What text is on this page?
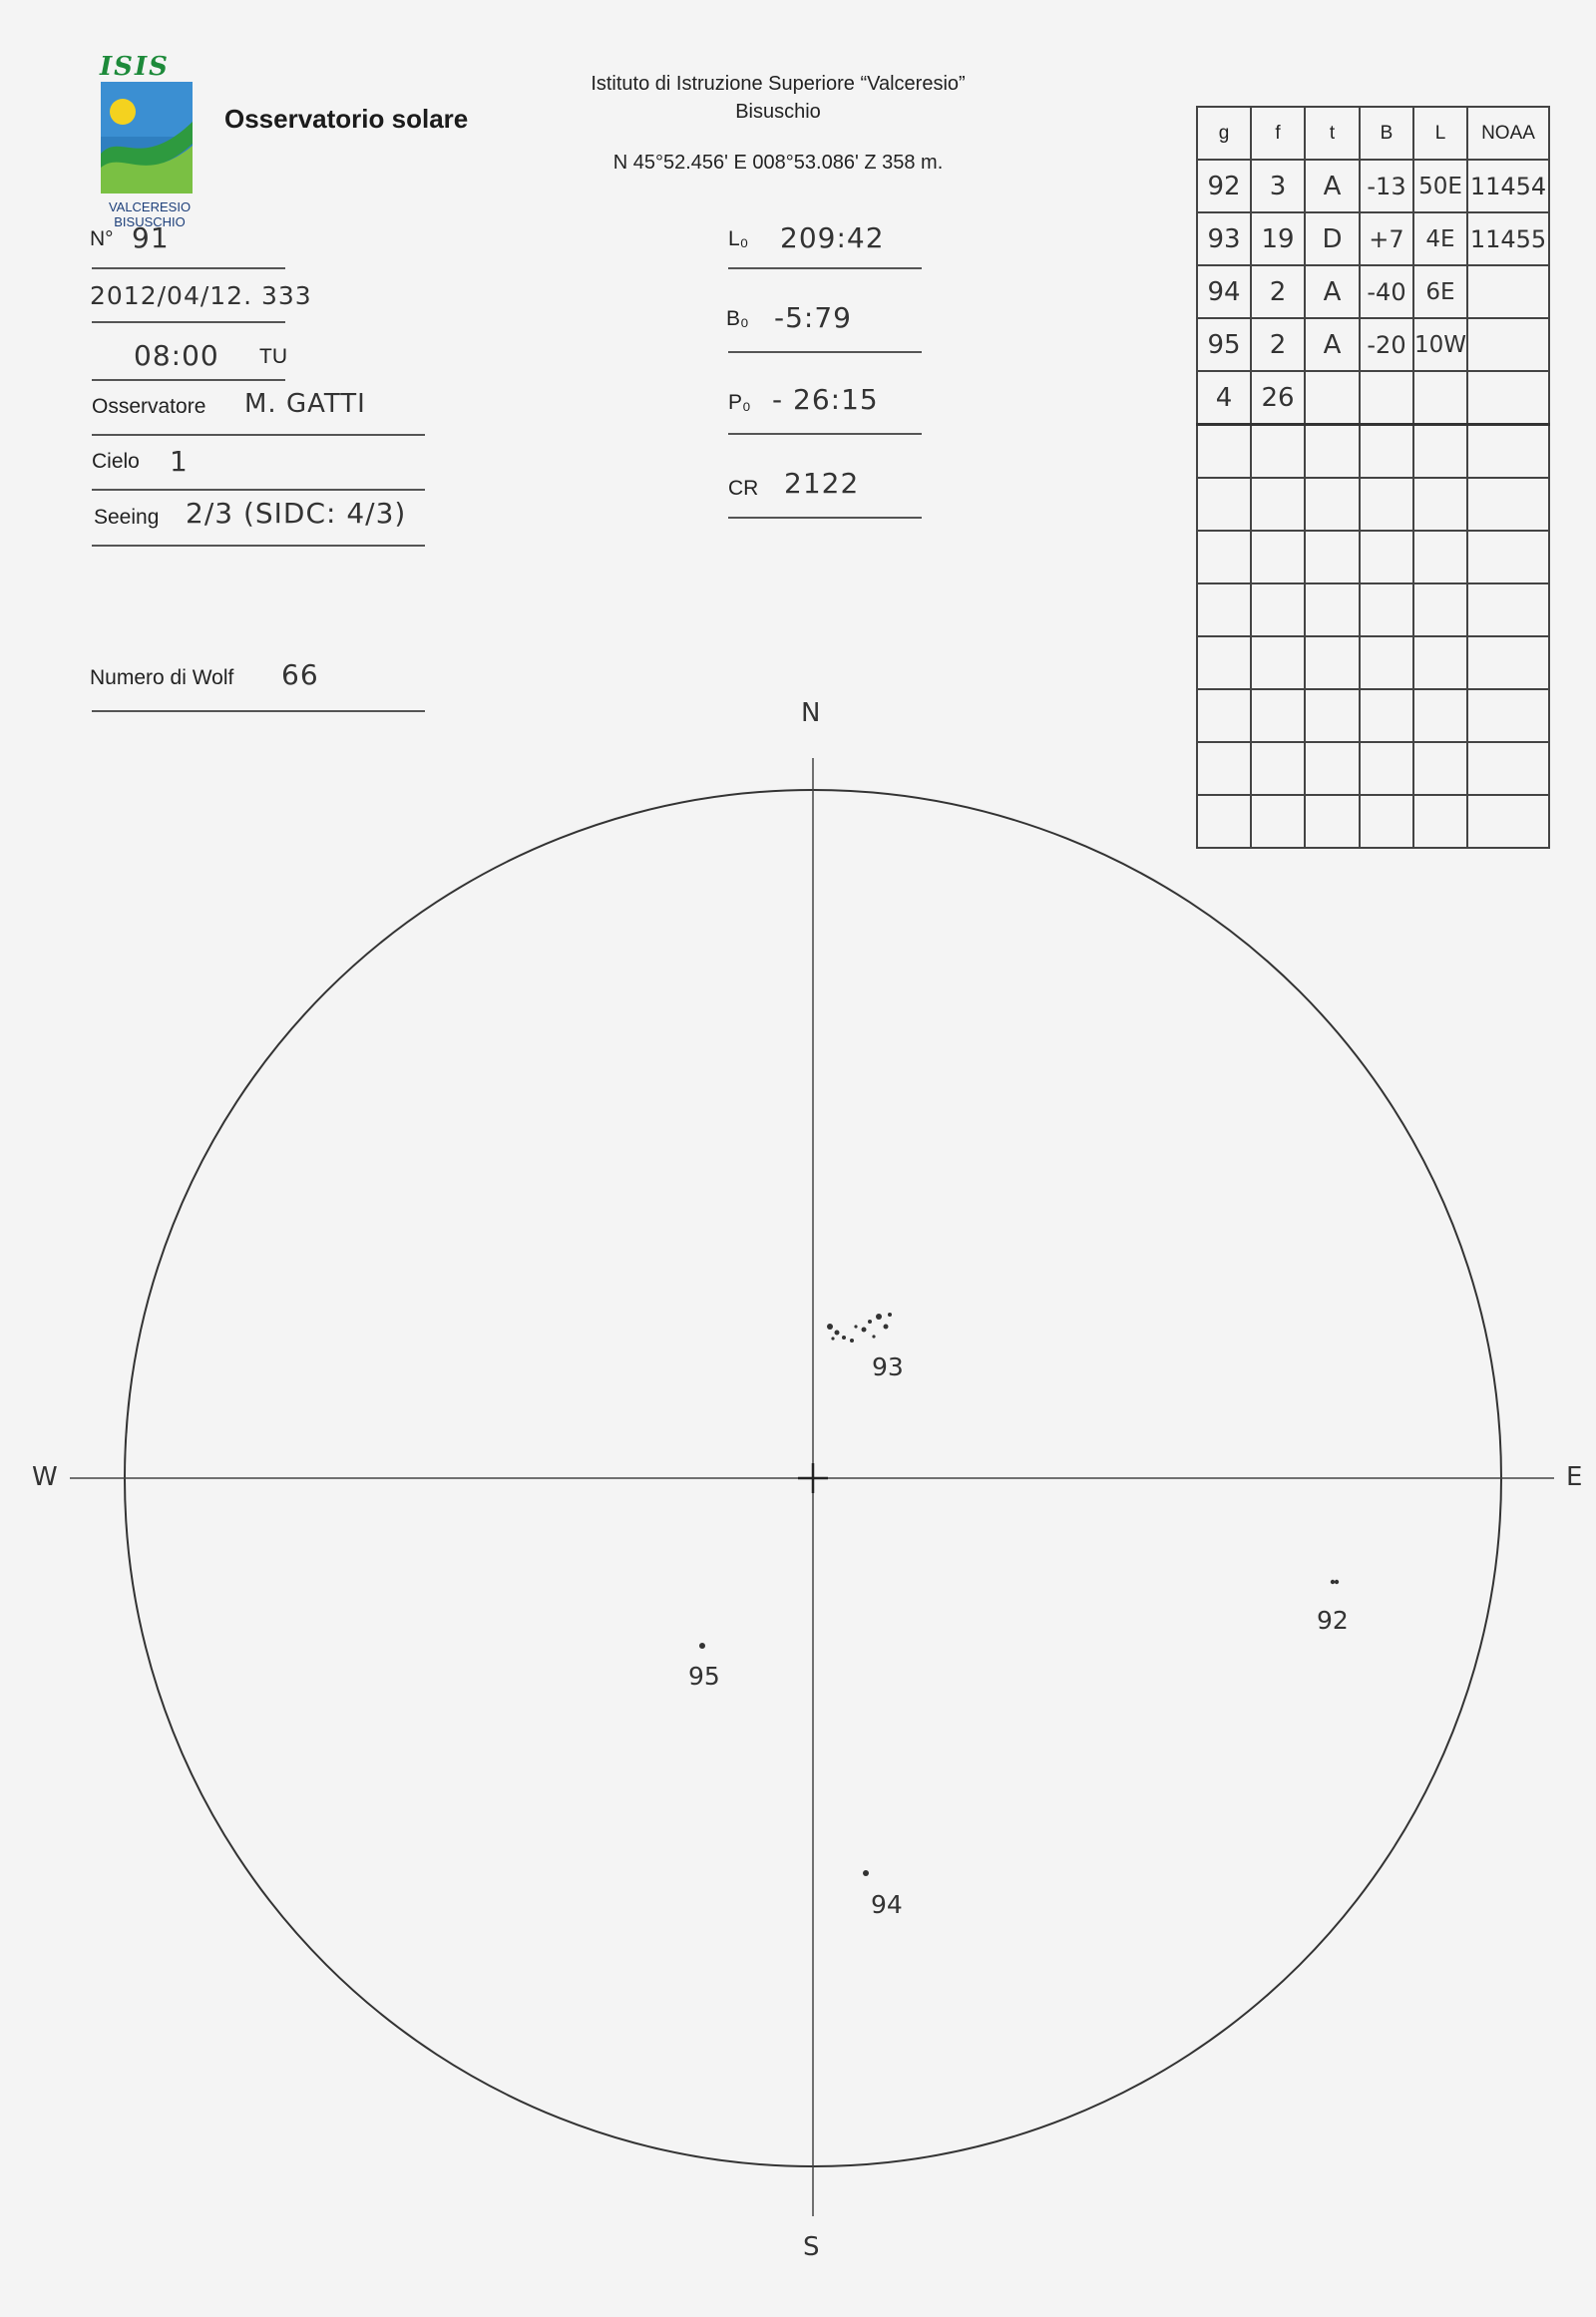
ISIS
VALCERESIO
BISUSCHIO
Osservatorio solare
Istituto di Istruzione Superiore “Valceresio”
Bisuschio
N 45°52.456' E 008°53.086' Z 358 m.
N° 91
2012/04/12. 333
08:00 TU
Osservatore M. GATTI
Cielo 1
Seeing 2/3 (SIDC: 4/3)
Numero di Wolf 66
L₀ 209:42
B₀ -5:79
P₀ - 26:15
CR 2122
g	f	t	B	L	NOAA
92	3	A	-13	50E	11454
93	19	D	+7	4E	11455
94	2	A	-40	6E	
95	2	A	-20	10W	
4	26				

N
S
E
W
93
92
95
94
